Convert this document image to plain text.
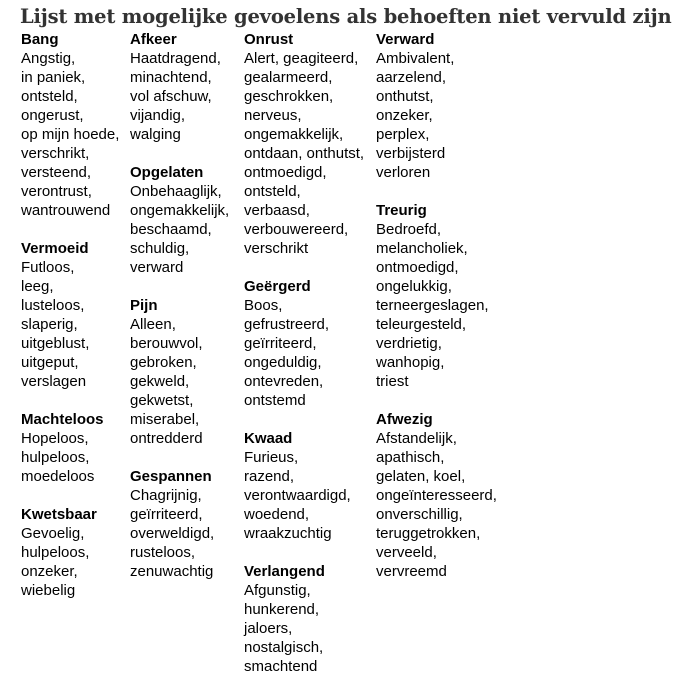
Lijst met mogelijke gevoelens als behoeften niet vervuld zijn
Bang
Angstig,
in paniek,
ontsteld,
ongerust,
op mijn hoede,
verschrikt,
versteend,
verontrust,
wantrouwend
Vermoeid
Futloos,
leeg,
lusteloos,
slaperig,
uitgeblust,
uitgeput,
verslagen
Machteloos
Hopeloos,
hulpeloos,
moedeloos
Kwetsbaar
Gevoelig,
hulpeloos,
onzeker,
wiebelig
Afkeer
Haatdragend,
minachtend,
vol afschuw,
vijandig,
walging
Opgelaten
Onbehaaglijk,
ongemakkelijk,
beschaamd,
schuldig,
verward
Pijn
Alleen,
berouwvol,
gebroken,
gekweld,
gekwetst,
miserabel,
ontredderd
Gespannen
Chagrijnig,
geïrriteerd,
overweldigd,
rusteloos,
zenuwachtig
Onrust
Alert, geagiteerd,
gealarmeerd,
geschrokken,
nerveus,
ongemakkelijk,
ontdaan, onthutst,
ontmoedigd,
ontsteld,
verbaasd,
verbouwereerd,
verschrikt
Geërgerd
Boos,
gefrustreerd,
geïrriteerd,
ongeduldig,
ontevreden,
ontstemd
Kwaad
Furieus,
razend,
verontwaardigd,
woedend,
wraakzuchtig
Verlangend
Afgunstig,
hunkerend,
jaloers,
nostalgisch,
smachtend
Verward
Ambivalent,
aarzelend,
onthutst,
onzeker,
perplex,
verbijsterd
verloren
Treurig
Bedroefd,
melancholiek,
ontmoedigd,
ongelukkig,
terneergeslagen,
teleurgesteld,
verdrietig,
wanhopig,
triest
Afwezig
Afstandelijk,
apathisch,
gelaten, koel,
ongeïnteresseerd,
onverschillig,
teruggetrokken,
verveeld,
vervreemd
